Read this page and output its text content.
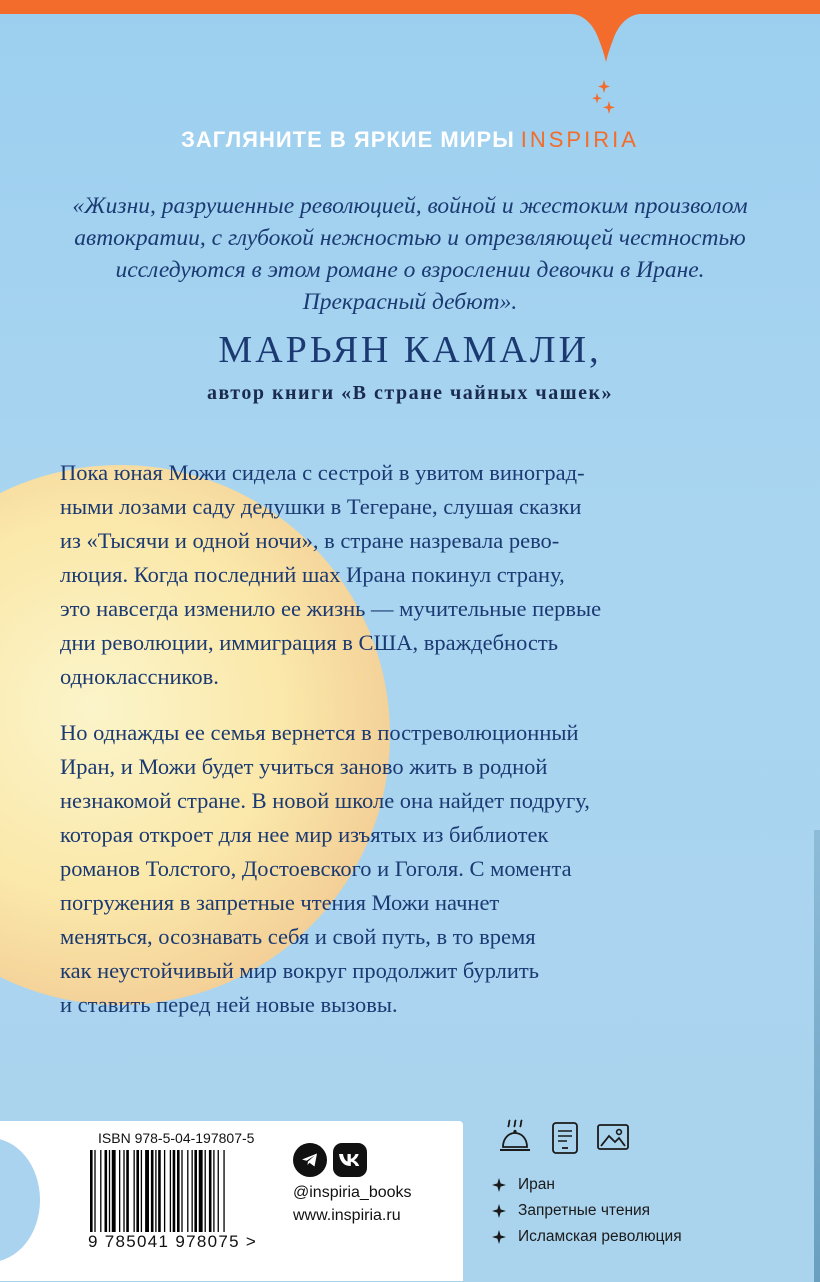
ЗАГЛЯНИТЕ В ЯРКИЕ МИРЫ INSPIRIA
«Жизни, разрушенные революцией, войной и жестоким произволом автократии, с глубокой нежностью и отрезвляющей честностью исследуются в этом романе о взрослении девочки в Иране. Прекрасный дебют».
МАРЬЯН КАМАЛИ,
автор книги «В стране чайных чашек»
Пока юная Можи сидела с сестрой в увитом виноград-
ными лозами саду дедушки в Тегеране, слушая сказки
из «Тысячи и одной ночи», в стране назревала рево-
люция. Когда последний шах Ирана покинул страну,
это навсегда изменило ее жизнь — мучительные первые
дни революции, иммиграция в США, враждебность
одноклассников.
Но однажды ее семья вернется в постреволюционный
Иран, и Можи будет учиться заново жить в родной
незнакомой стране. В новой школе она найдет подругу,
которая откроет для нее мир изъятых из библиотек
романов Толстого, Достоевского и Гоголя. С момента
погружения в запретные чтения Можи начнет
меняться, осознавать себя и свой путь, в то время
как неустойчивый мир вокруг продолжит бурлить
и ставить перед ней новые вызовы.
ISBN 978-5-04-197807-5
9 785041 978075 >
@inspiria_books
www.inspiria.ru
Иран
Запретные чтения
Исламская революция
